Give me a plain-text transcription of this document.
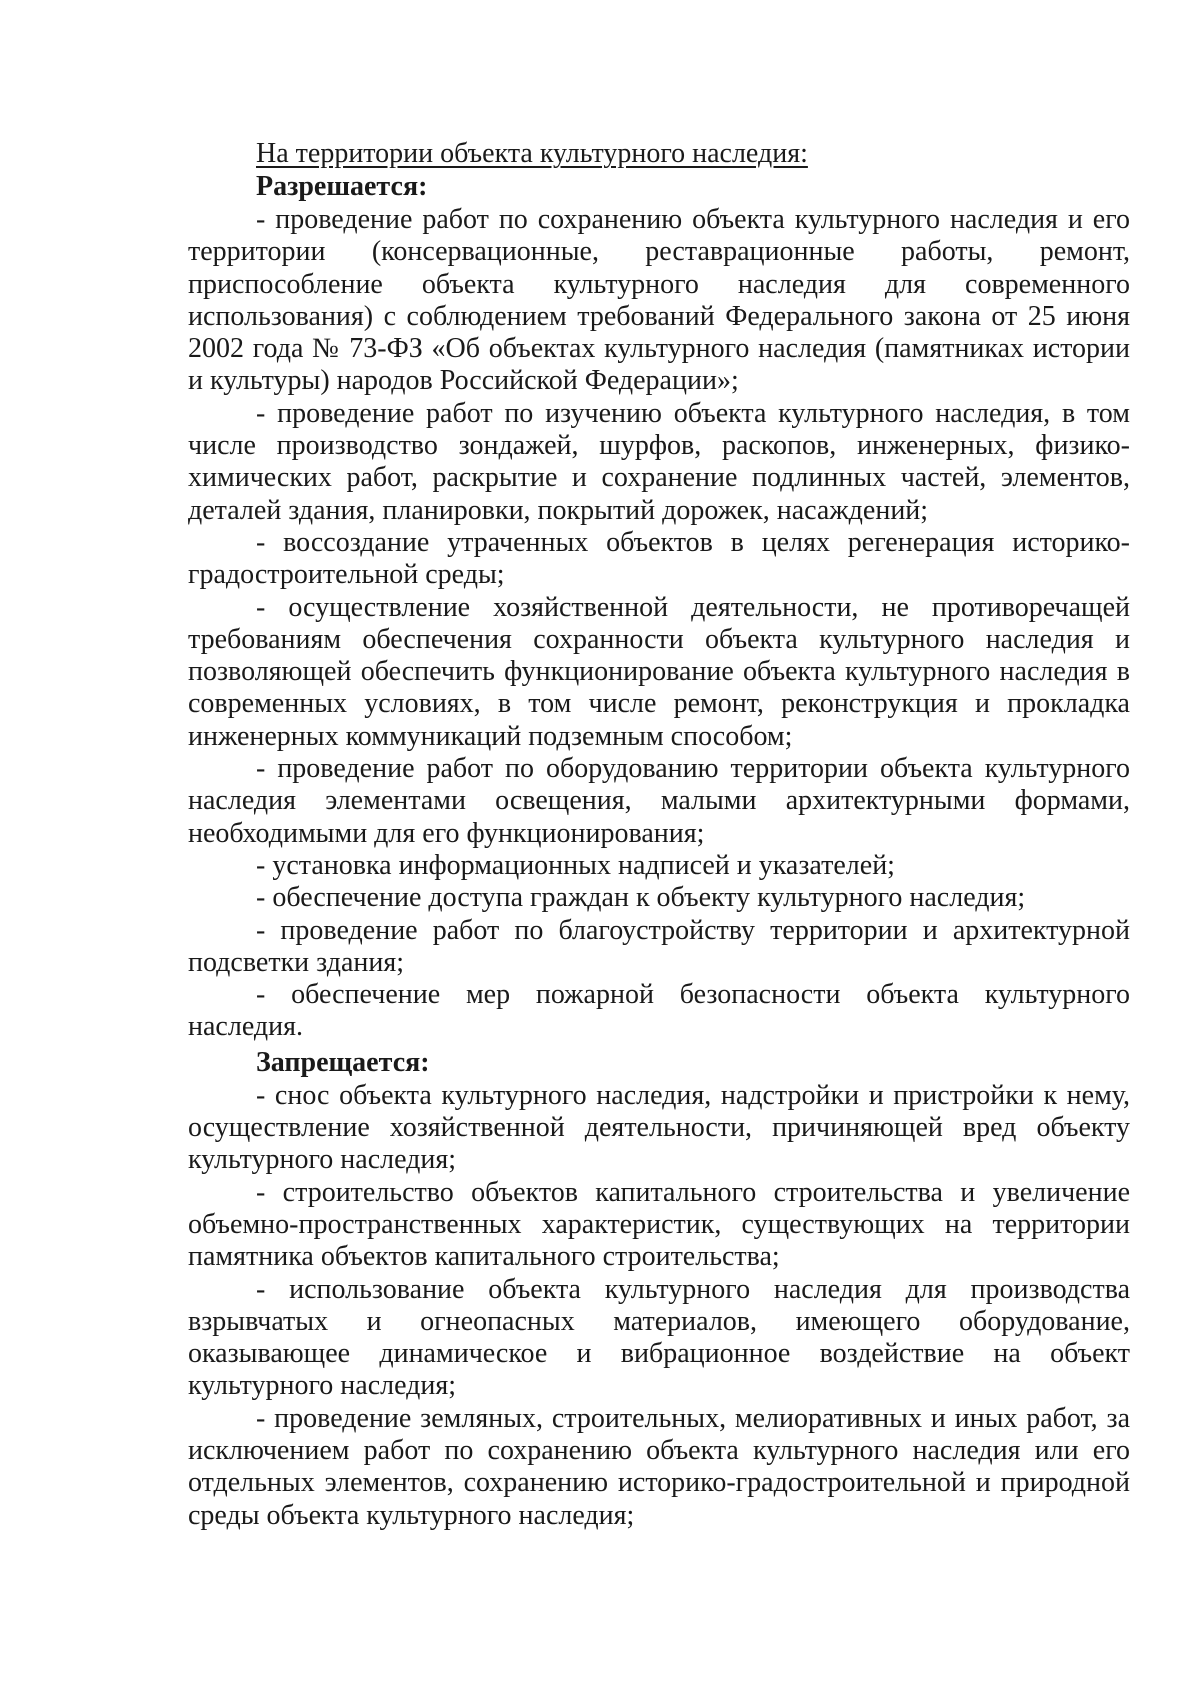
На территории объекта культурного наследия:

Разрешается:

- проведение работ по сохранению объекта культурного наследия и его территории (консервационные, реставрационные работы, ремонт, приспособление объекта культурного наследия для современного использования) с соблюдением требований Федерального закона от 25 июня 2002 года № 73-ФЗ «Об объектах культурного наследия (памятниках истории и культуры) народов Российской Федерации»;

- проведение работ по изучению объекта культурного наследия, в том числе производство зондажей, шурфов, раскопов, инженерных, физико-химических работ, раскрытие и сохранение подлинных частей, элементов, деталей здания, планировки, покрытий дорожек, насаждений;

- воссоздание утраченных объектов в целях регенерация историко-градостроительной среды;

- осуществление хозяйственной деятельности, не противоречащей требованиям обеспечения сохранности объекта культурного наследия и позволяющей обеспечить функционирование объекта культурного наследия в современных условиях, в том числе ремонт, реконструкция и прокладка инженерных коммуникаций подземным способом;

- проведение работ по оборудованию территории объекта культурного наследия элементами освещения, малыми архитектурными формами, необходимыми для его функционирования;

- установка информационных надписей и указателей;

- обеспечение доступа граждан к объекту культурного наследия;

- проведение работ по благоустройству территории и архитектурной подсветки здания;

- обеспечение мер пожарной безопасности объекта культурного наследия.

Запрещается:

- снос объекта культурного наследия, надстройки и пристройки к нему, осуществление хозяйственной деятельности, причиняющей вред объекту культурного наследия;

- строительство объектов капитального строительства и увеличение объемно-пространственных характеристик, существующих на территории памятника объектов капитального строительства;

- использование объекта культурного наследия для производства взрывчатых и огнеопасных материалов, имеющего оборудование, оказывающее динамическое и вибрационное воздействие на объект культурного наследия;

- проведение земляных, строительных, мелиоративных и иных работ, за исключением работ по сохранению объекта культурного наследия или его отдельных элементов, сохранению историко-градостроительной и природной среды объекта культурного наследия;
